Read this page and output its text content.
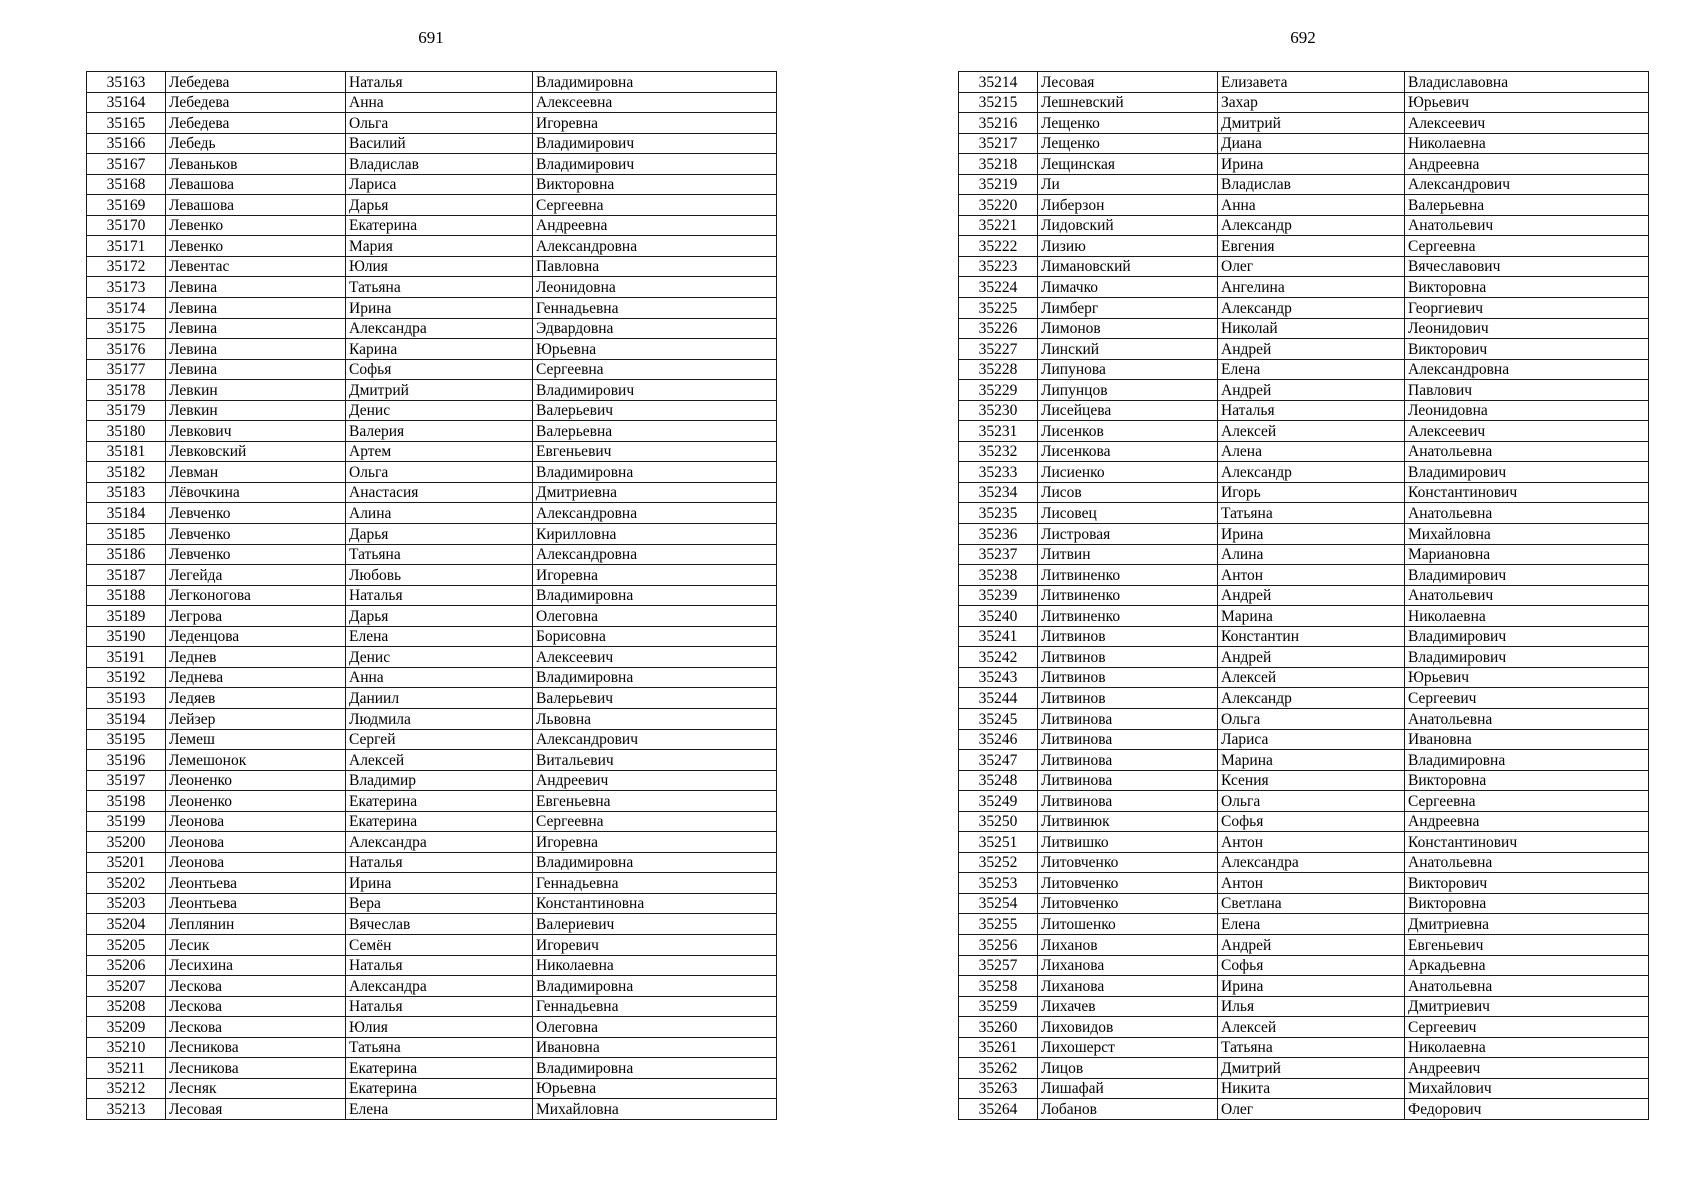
691
35163	Лебедева	Наталья	Владимировна
35164	Лебедева	Анна	Алексеевна
35165	Лебедева	Ольга	Игоревна
35166	Лебедь	Василий	Владимирович
35167	Леваньков	Владислав	Владимирович
35168	Левашова	Лариса	Викторовна
35169	Левашова	Дарья	Сергеевна
35170	Левенко	Екатерина	Андреевна
35171	Левенко	Мария	Александровна
35172	Левентас	Юлия	Павловна
35173	Левина	Татьяна	Леонидовна
35174	Левина	Ирина	Геннадьевна
35175	Левина	Александра	Эдвардовна
35176	Левина	Карина	Юрьевна
35177	Левина	Софья	Сергеевна
35178	Левкин	Дмитрий	Владимирович
35179	Левкин	Денис	Валерьевич
35180	Левкович	Валерия	Валерьевна
35181	Левковский	Артем	Евгеньевич
35182	Левман	Ольга	Владимировна
35183	Лёвочкина	Анастасия	Дмитриевна
35184	Левченко	Алина	Александровна
35185	Левченко	Дарья	Кирилловна
35186	Левченко	Татьяна	Александровна
35187	Легейда	Любовь	Игоревна
35188	Легконогова	Наталья	Владимировна
35189	Легрова	Дарья	Олеговна
35190	Леденцова	Елена	Борисовна
35191	Леднев	Денис	Алексеевич
35192	Леднева	Анна	Владимировна
35193	Ледяев	Даниил	Валерьевич
35194	Лейзер	Людмила	Львовна
35195	Лемеш	Сергей	Александрович
35196	Лемешонок	Алексей	Витальевич
35197	Леоненко	Владимир	Андреевич
35198	Леоненко	Екатерина	Евгеньевна
35199	Леонова	Екатерина	Сергеевна
35200	Леонова	Александра	Игоревна
35201	Леонова	Наталья	Владимировна
35202	Леонтьева	Ирина	Геннадьевна
35203	Леонтьева	Вера	Константиновна
35204	Леплянин	Вячеслав	Валериевич
35205	Лесик	Семён	Игоревич
35206	Лесихина	Наталья	Николаевна
35207	Лескова	Александра	Владимировна
35208	Лескова	Наталья	Геннадьевна
35209	Лескова	Юлия	Олеговна
35210	Лесникова	Татьяна	Ивановна
35211	Лесникова	Екатерина	Владимировна
35212	Лесняк	Екатерина	Юрьевна
35213	Лесовая	Елена	Михайловна
692
35214	Лесовая	Елизавета	Владиславовна
35215	Лешневский	Захар	Юрьевич
35216	Лещенко	Дмитрий	Алексеевич
35217	Лещенко	Диана	Николаевна
35218	Лещинская	Ирина	Андреевна
35219	Ли	Владислав	Александрович
35220	Либерзон	Анна	Валерьевна
35221	Лидовский	Александр	Анатольевич
35222	Лизию	Евгения	Сергеевна
35223	Лимановский	Олег	Вячеславович
35224	Лимачко	Ангелина	Викторовна
35225	Лимберг	Александр	Георгиевич
35226	Лимонов	Николай	Леонидович
35227	Линский	Андрей	Викторович
35228	Липунова	Елена	Александровна
35229	Липунцов	Андрей	Павлович
35230	Лисейцева	Наталья	Леонидовна
35231	Лисенков	Алексей	Алексеевич
35232	Лисенкова	Алена	Анатольевна
35233	Лисиенко	Александр	Владимирович
35234	Лисов	Игорь	Константинович
35235	Лисовец	Татьяна	Анатольевна
35236	Листровая	Ирина	Михайловна
35237	Литвин	Алина	Мариановна
35238	Литвиненко	Антон	Владимирович
35239	Литвиненко	Андрей	Анатольевич
35240	Литвиненко	Марина	Николаевна
35241	Литвинов	Константин	Владимирович
35242	Литвинов	Андрей	Владимирович
35243	Литвинов	Алексей	Юрьевич
35244	Литвинов	Александр	Сергеевич
35245	Литвинова	Ольга	Анатольевна
35246	Литвинова	Лариса	Ивановна
35247	Литвинова	Марина	Владимировна
35248	Литвинова	Ксения	Викторовна
35249	Литвинова	Ольга	Сергеевна
35250	Литвинюк	Софья	Андреевна
35251	Литвишко	Антон	Константинович
35252	Литовченко	Александра	Анатольевна
35253	Литовченко	Антон	Викторович
35254	Литовченко	Светлана	Викторовна
35255	Литошенко	Елена	Дмитриевна
35256	Лиханов	Андрей	Евгеньевич
35257	Лиханова	Софья	Аркадьевна
35258	Лиханова	Ирина	Анатольевна
35259	Лихачев	Илья	Дмитриевич
35260	Лиховидов	Алексей	Сергеевич
35261	Лихошерст	Татьяна	Николаевна
35262	Лицов	Дмитрий	Андреевич
35263	Лишафай	Никита	Михайлович
35264	Лобанов	Олег	Федорович
